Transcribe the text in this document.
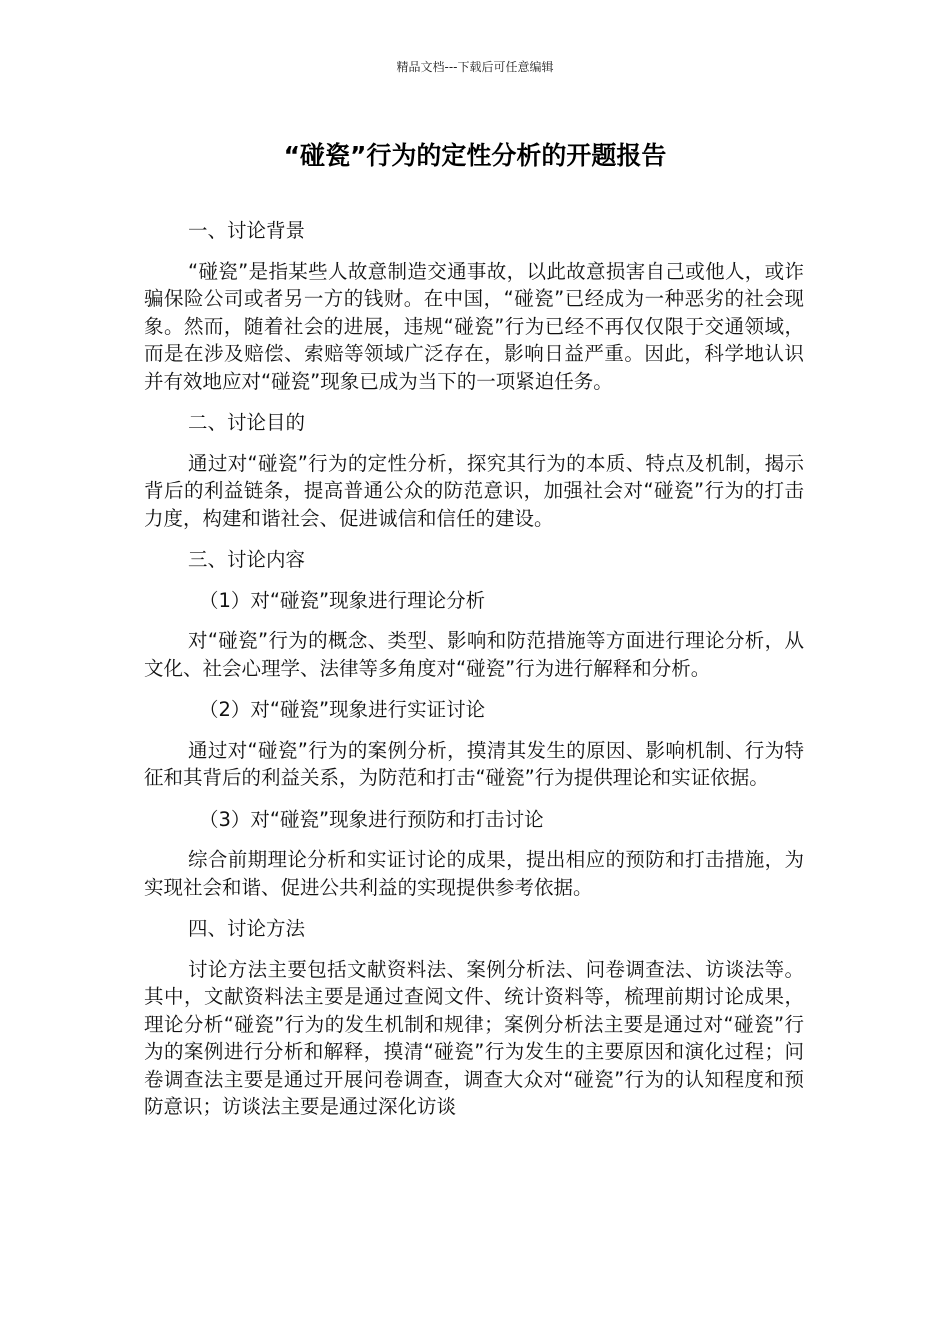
精品文档---下载后可任意编辑
“碰瓷”行为的定性分析的开题报告

一、讨论背景

“碰瓷”是指某些人故意制造交通事故，以此故意损害自己或他人，或诈骗保险公司或者另一方的钱财。在中国，“碰瓷”已经成为一种恶劣的社会现象。然而，随着社会的进展，违规“碰瓷”行为已经不再仅仅限于交通领域，而是在涉及赔偿、索赔等领域广泛存在，影响日益严重。因此，科学地认识并有效地应对“碰瓷”现象已成为当下的一项紧迫任务。

二、讨论目的

通过对“碰瓷”行为的定性分析，探究其行为的本质、特点及机制，揭示背后的利益链条，提高普通公众的防范意识，加强社会对“碰瓷”行为的打击力度，构建和谐社会、促进诚信和信任的建设。

三、讨论内容

（1）对“碰瓷”现象进行理论分析

对“碰瓷”行为的概念、类型、影响和防范措施等方面进行理论分析，从文化、社会心理学、法律等多角度对“碰瓷”行为进行解释和分析。

（2）对“碰瓷”现象进行实证讨论

通过对“碰瓷”行为的案例分析，摸清其发生的原因、影响机制、行为特征和其背后的利益关系，为防范和打击“碰瓷”行为提供理论和实证依据。

（3）对“碰瓷”现象进行预防和打击讨论

综合前期理论分析和实证讨论的成果，提出相应的预防和打击措施，为实现社会和谐、促进公共利益的实现提供参考依据。

四、讨论方法

讨论方法主要包括文献资料法、案例分析法、问卷调查法、访谈法等。其中，文献资料法主要是通过查阅文件、统计资料等，梳理前期讨论成果，理论分析“碰瓷”行为的发生机制和规律；案例分析法主要是通过对“碰瓷”行为的案例进行分析和解释，摸清“碰瓷”行为发生的主要原因和演化过程；问卷调查法主要是通过开展问卷调查，调查大众对“碰瓷”行为的认知程度和预防意识；访谈法主要是通过深化访谈
